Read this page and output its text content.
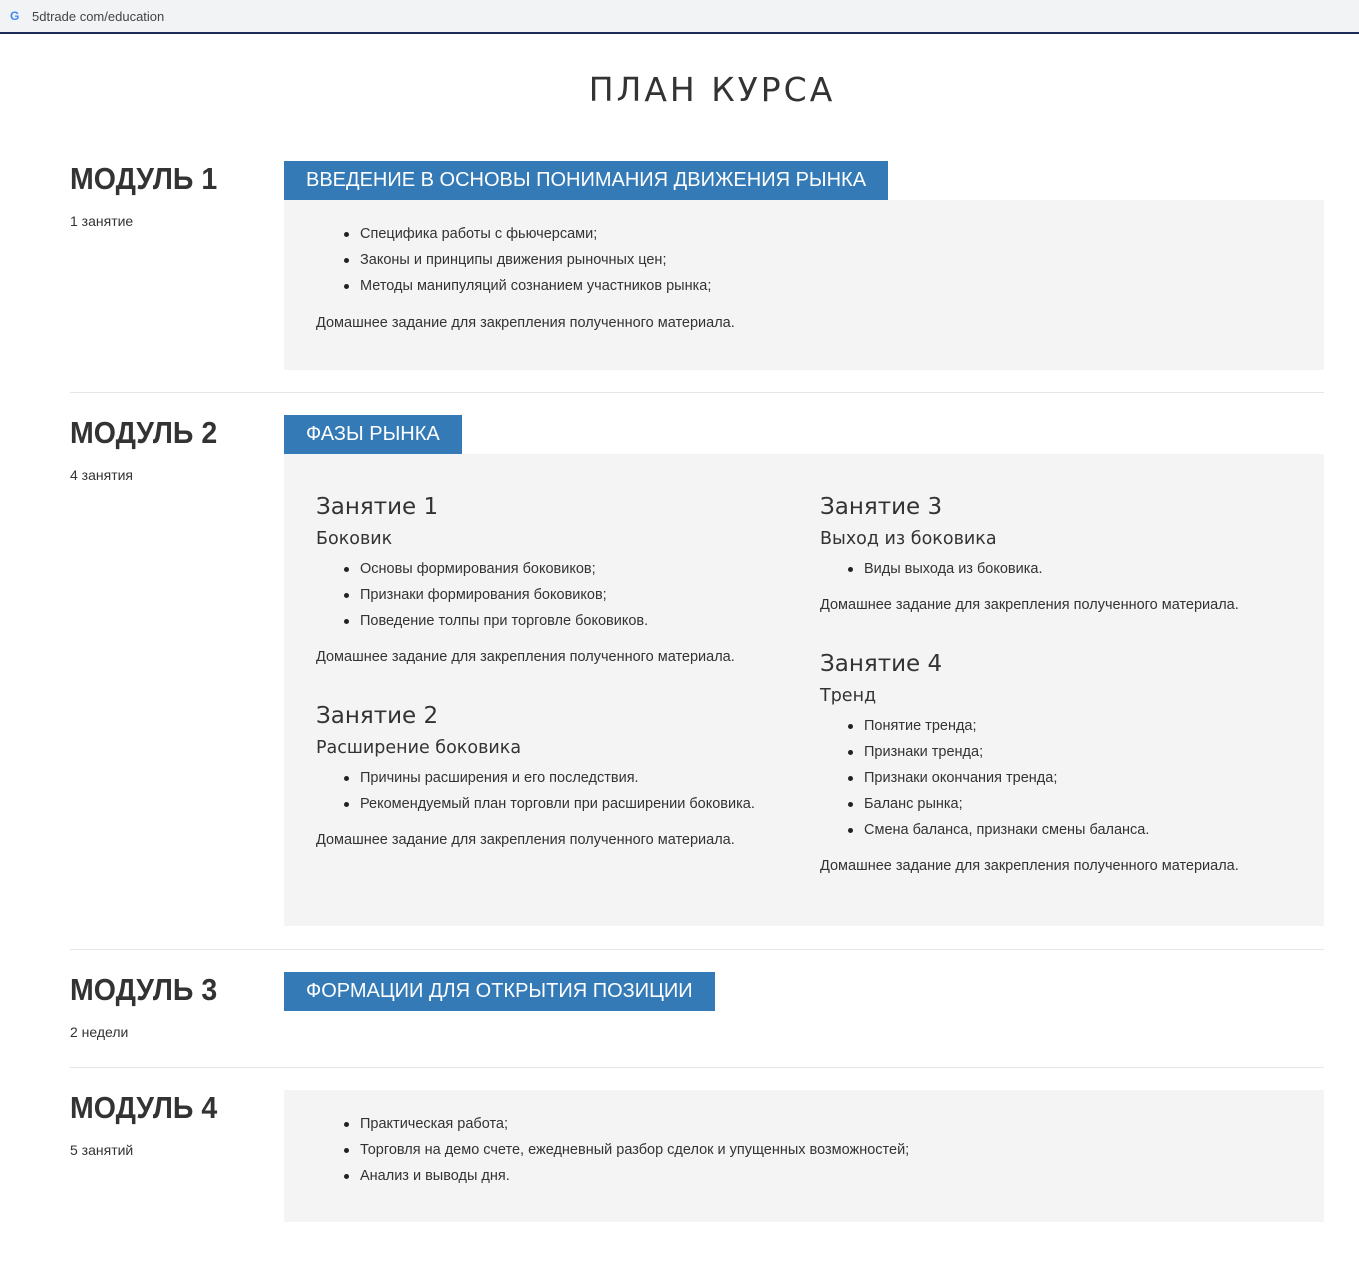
G 5dtrade com/education
ПЛАН КУРСА
МОДУЛЬ 1
1 занятие
ВВЕДЕНИЕ В ОСНОВЫ ПОНИМАНИЯ ДВИЖЕНИЯ РЫНКА
Специфика работы с фьючерсами;
Законы и принципы движения рыночных цен;
Методы манипуляций сознанием участников рынка;
Домашнее задание для закрепления полученного материала.
МОДУЛЬ 2
4 занятия
ФАЗЫ РЫНКА
Занятие 1
Боковик
Основы формирования боковиков;
Признаки формирования боковиков;
Поведение толпы при торговле боковиков.
Домашнее задание для закрепления полученного материала.
Занятие 2
Расширение боковика
Причины расширения и его последствия.
Рекомендуемый план торговли при расширении боковика.
Домашнее задание для закрепления полученного материала.
Занятие 3
Выход из боковика
Виды выхода из боковика.
Домашнее задание для закрепления полученного материала.
Занятие 4
Тренд
Понятие тренда;
Признаки тренда;
Признаки окончания тренда;
Баланс рынка;
Смена баланса, признаки смены баланса.
Домашнее задание для закрепления полученного материала.
МОДУЛЬ 3
2 недели
ФОРМАЦИИ ДЛЯ ОТКРЫТИЯ ПОЗИЦИИ
МОДУЛЬ 4
5 занятий
Практическая работа;
Торговля на демо счете, ежедневный разбор сделок и упущенных возможностей;
Анализ и выводы дня.
